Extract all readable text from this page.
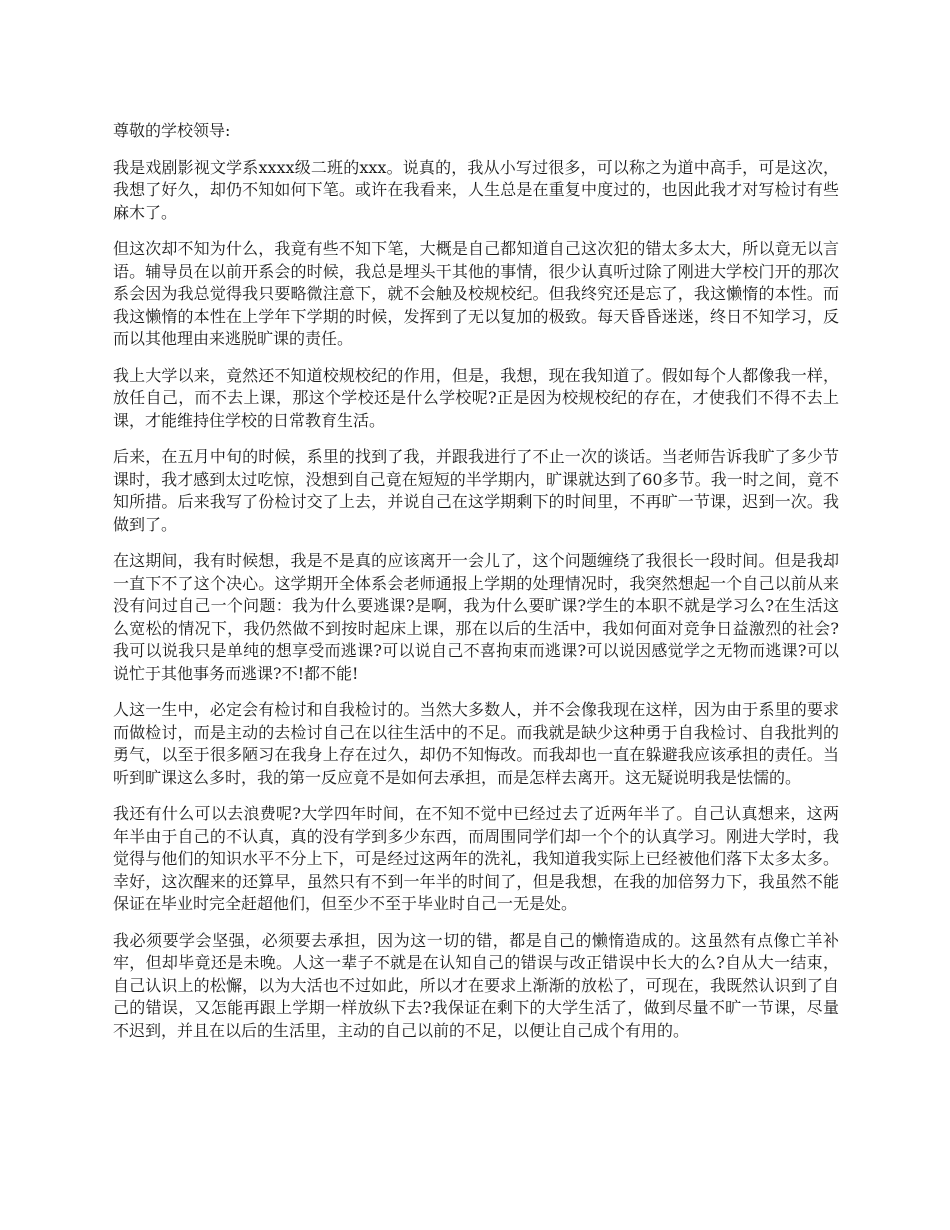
尊敬的学校领导:

我是戏剧影视文学系xxxx级二班的xxx。说真的，我从小写过很多，可以称之为道中高手，可是这次，我想了好久，却仍不知如何下笔。或许在我看来，人生总是在重复中度过的，也因此我才对写检讨有些麻木了。

但这次却不知为什么，我竟有些不知下笔，大概是自己都知道自己这次犯的错太多太大，所以竟无以言语。辅导员在以前开系会的时候，我总是埋头干其他的事情，很少认真听过除了刚进大学校门开的那次系会因为我总觉得我只要略微注意下，就不会触及校规校纪。但我终究还是忘了，我这懒惰的本性。而我这懒惰的本性在上学年下学期的时候，发挥到了无以复加的极致。每天昏昏迷迷，终日不知学习，反而以其他理由来逃脱旷课的责任。

我上大学以来，竟然还不知道校规校纪的作用，但是，我想，现在我知道了。假如每个人都像我一样，放任自己，而不去上课，那这个学校还是什么学校呢?正是因为校规校纪的存在，才使我们不得不去上课，才能维持住学校的日常教育生活。

后来，在五月中旬的时候，系里的找到了我，并跟我进行了不止一次的谈话。当老师告诉我旷了多少节课时，我才感到太过吃惊，没想到自己竟在短短的半学期内，旷课就达到了60多节。我一时之间，竟不知所措。后来我写了份检讨交了上去，并说自己在这学期剩下的时间里，不再旷一节课，迟到一次。我做到了。

在这期间，我有时候想，我是不是真的应该离开一会儿了，这个问题缠绕了我很长一段时间。但是我却一直下不了这个决心。这学期开全体系会老师通报上学期的处理情况时，我突然想起一个自己以前从来没有问过自己一个问题：我为什么要逃课?是啊，我为什么要旷课?学生的本职不就是学习么?在生活这么宽松的情况下，我仍然做不到按时起床上课，那在以后的生活中，我如何面对竞争日益激烈的社会?我可以说我只是单纯的想享受而逃课?可以说自己不喜拘束而逃课?可以说因感觉学之无物而逃课?可以说忙于其他事务而逃课?不!都不能!

人这一生中，必定会有检讨和自我检讨的。当然大多数人，并不会像我现在这样，因为由于系里的要求而做检讨，而是主动的去检讨自己在以往生活中的不足。而我就是缺少这种勇于自我检讨、自我批判的勇气，以至于很多陋习在我身上存在过久，却仍不知悔改。而我却也一直在躲避我应该承担的责任。当听到旷课这么多时，我的第一反应竟不是如何去承担，而是怎样去离开。这无疑说明我是怯懦的。

我还有什么可以去浪费呢?大学四年时间，在不知不觉中已经过去了近两年半了。自己认真想来，这两年半由于自己的不认真，真的没有学到多少东西，而周围同学们却一个个的认真学习。刚进大学时，我觉得与他们的知识水平不分上下，可是经过这两年的洗礼，我知道我实际上已经被他们落下太多太多。幸好，这次醒来的还算早，虽然只有不到一年半的时间了，但是我想，在我的加倍努力下，我虽然不能保证在毕业时完全赶超他们，但至少不至于毕业时自己一无是处。

我必须要学会坚强，必须要去承担，因为这一切的错，都是自己的懒惰造成的。这虽然有点像亡羊补牢，但却毕竟还是未晚。人这一辈子不就是在认知自己的错误与改正错误中长大的么?自从大一结束，自己认识上的松懈，以为大活也不过如此，所以才在要求上渐渐的放松了，可现在，我既然认识到了自己的错误，又怎能再跟上学期一样放纵下去?我保证在剩下的大学生活了，做到尽量不旷一节课，尽量不迟到，并且在以后的生活里，主动的自己以前的不足，以便让自己成个有用的。
